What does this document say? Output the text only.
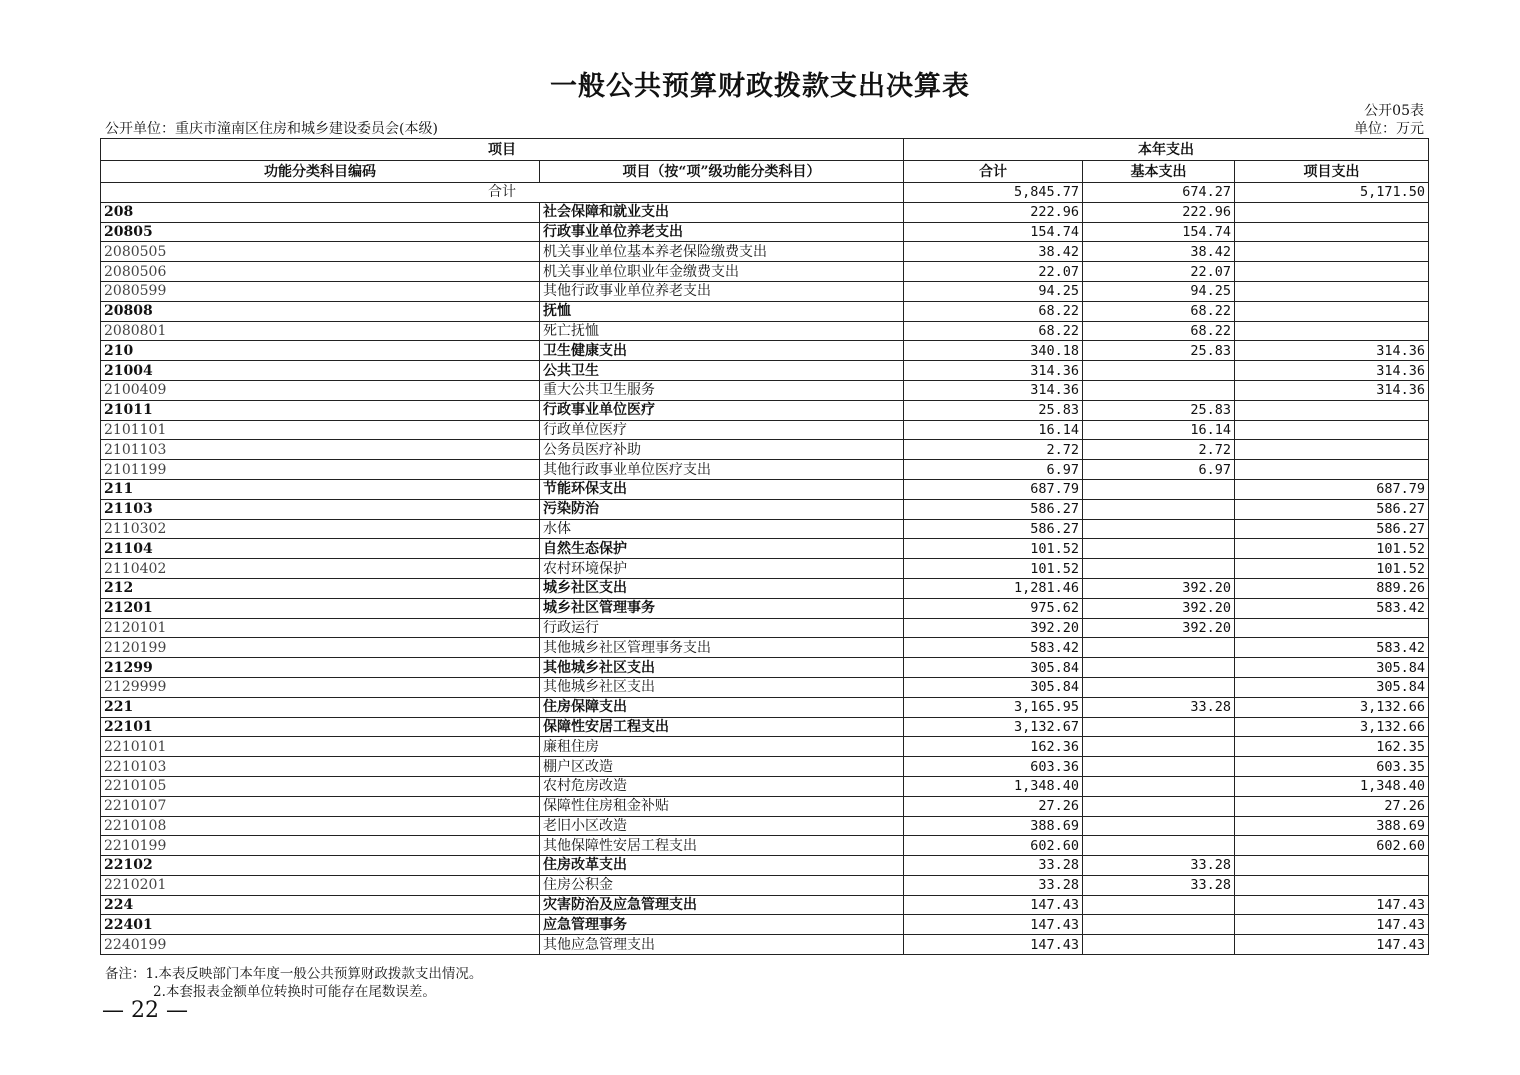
一般公共预算财政拨款支出决算表
公开05表
公开单位：重庆市潼南区住房和城乡建设委员会(本级)	单位：万元
项目		本年支出		
功能分类科目编码	项目（按“项”级功能分类科目）	合计	基本支出	项目支出
合计		5,845.77	674.27	5,171.50
208	社会保障和就业支出	222.96	222.96	
20805	行政事业单位养老支出	154.74	154.74	
2080505	机关事业单位基本养老保险缴费支出	38.42	38.42	
2080506	机关事业单位职业年金缴费支出	22.07	22.07	
2080599	其他行政事业单位养老支出	94.25	94.25	
20808	抚恤	68.22	68.22	
2080801	死亡抚恤	68.22	68.22	
210	卫生健康支出	340.18	25.83	314.36
21004	公共卫生	314.36		314.36
2100409	重大公共卫生服务	314.36		314.36
21011	行政事业单位医疗	25.83	25.83	
2101101	行政单位医疗	16.14	16.14	
2101103	公务员医疗补助	2.72	2.72	
2101199	其他行政事业单位医疗支出	6.97	6.97	
211	节能环保支出	687.79		687.79
21103	污染防治	586.27		586.27
2110302	水体	586.27		586.27
21104	自然生态保护	101.52		101.52
2110402	农村环境保护	101.52		101.52
212	城乡社区支出	1,281.46	392.20	889.26
21201	城乡社区管理事务	975.62	392.20	583.42
2120101	行政运行	392.20	392.20	
2120199	其他城乡社区管理事务支出	583.42		583.42
21299	其他城乡社区支出	305.84		305.84
2129999	其他城乡社区支出	305.84		305.84
221	住房保障支出	3,165.95	33.28	3,132.66
22101	保障性安居工程支出	3,132.67		3,132.66
2210101	廉租住房	162.36		162.35
2210103	棚户区改造	603.36		603.35
2210105	农村危房改造	1,348.40		1,348.40
2210107	保障性住房租金补贴	27.26		27.26
2210108	老旧小区改造	388.69		388.69
2210199	其他保障性安居工程支出	602.60		602.60
22102	住房改革支出	33.28	33.28	
2210201	住房公积金	33.28	33.28	
224	灾害防治及应急管理支出	147.43		147.43
22401	应急管理事务	147.43		147.43
2240199	其他应急管理支出	147.43		147.43
备注：1.本表反映部门本年度一般公共预算财政拨款支出情况。
2.本套报表金额单位转换时可能存在尾数误差。
— 22 —
